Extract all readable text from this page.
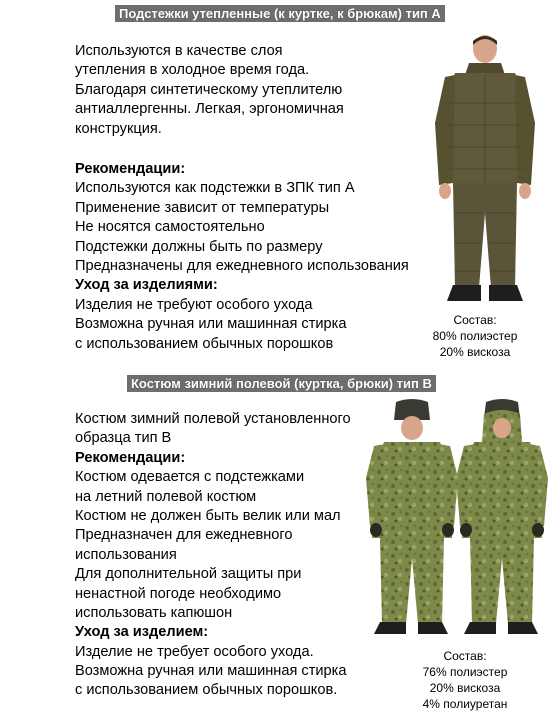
Подстежки утепленные (к куртке, к брюкам) тип А
Используются в качестве слоя
утепления в холодное время года.
Благодаря синтетическому утеплителю
антиаллергенны. Легкая, эргономичная
конструкция.
Рекомендации:
Используются как подстежки в ЗПК тип А
Применение зависит от температуры
Не носятся самостоятельно
Подстежки должны быть по размеру
Предназначены для ежедневного использования
Уход за изделиями:
Изделия не требуют особого ухода
Возможна ручная или машинная стирка
с использованием обычных порошков
Состав:
80% полиэстер
20% вискоза
Костюм зимний полевой (куртка, брюки) тип В
Костюм зимний полевой установленного
образца тип В
Рекомендации:
Костюм одевается с подстежками
на летний полевой костюм
Костюм не должен быть велик или мал
Предназначен для ежедневного
использования
Для дополнительной защиты при
ненастной погоде необходимо
использовать капюшон
Уход за изделием:
Изделие не требует особого ухода.
Возможна ручная или машинная стирка
с использованием обычных порошков.
Состав:
76% полиэстер
20% вискоза
4% полиуретан
